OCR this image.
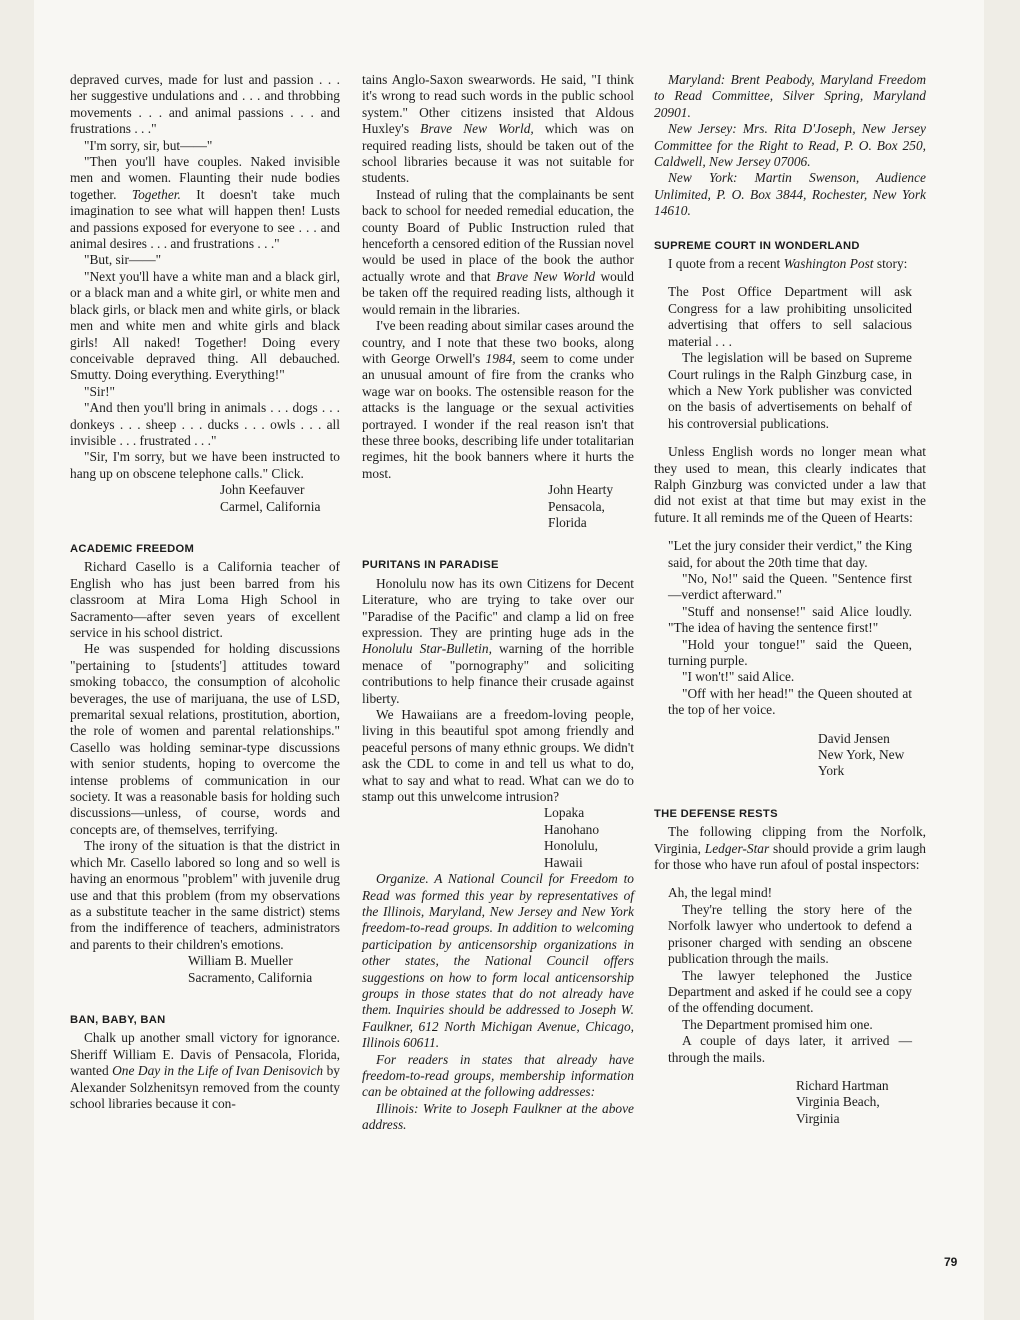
depraved curves, made for lust and passion . . . her suggestive undulations and . . . and throbbing movements . . . and animal passions . . . and frustrations . . ."

"I'm sorry, sir, but——"

"Then you'll have couples. Naked invisible men and women. Flaunting their nude bodies together. Together. It doesn't take much imagination to see what will happen then! Lusts and passions exposed for everyone to see . . . and animal desires . . . and frustrations . . ."

"But, sir——"

"Next you'll have a white man and a black girl, or a black man and a white girl, or white men and black girls, or black men and white girls, or black men and white men and white girls and black girls! All naked! Together! Doing every conceivable depraved thing. All debauched. Smutty. Doing everything. Everything!"

"Sir!"

"And then you'll bring in animals . . . dogs . . . donkeys . . . sheep . . . ducks . . . owls . . . all invisible . . . frustrated . . ."

"Sir, I'm sorry, but we have been instructed to hang up on obscene telephone calls." Click.

John Keefauver
Carmel, California
ACADEMIC FREEDOM

Richard Casello is a California teacher of English who has just been barred from his classroom at Mira Loma High School in Sacramento—after seven years of excellent service in his school district.

He was suspended for holding discussions "pertaining to [students'] attitudes toward smoking tobacco, the consumption of alcoholic beverages, the use of marijuana, the use of LSD, premarital sexual relations, prostitution, abortion, the role of women and parental relationships." Casello was holding seminar-type discussions with senior students, hoping to overcome the intense problems of communication in our society. It was a reasonable basis for holding such discussions—unless, of course, words and concepts are, of themselves, terrifying.

The irony of the situation is that the district in which Mr. Casello labored so long and so well is having an enormous "problem" with juvenile drug use and that this problem (from my observations as a substitute teacher in the same district) stems from the indifference of teachers, administrators and parents to their children's emotions.

William B. Mueller
Sacramento, California
BAN, BABY, BAN

Chalk up another small victory for ignorance. Sheriff William E. Davis of Pensacola, Florida, wanted One Day in the Life of Ivan Denisovich by Alexander Solzhenitsyn removed from the county school libraries because it con-

tains Anglo-Saxon swearwords. He said, "I think it's wrong to read such words in the public school system." Other citizens insisted that Aldous Huxley's Brave New World, which was on required reading lists, should be taken out of the school libraries because it was not suitable for students.

Instead of ruling that the complainants be sent back to school for needed remedial education, the county Board of Public Instruction ruled that henceforth a censored edition of the Russian novel would be used in place of the book the author actually wrote and that Brave New World would be taken off the required reading lists, although it would remain in the libraries.

I've been reading about similar cases around the country, and I note that these two books, along with George Orwell's 1984, seem to come under an unusual amount of fire from the cranks who wage war on books. The ostensible reason for the attacks is the language or the sexual activities portrayed. I wonder if the real reason isn't that these three books, describing life under totalitarian regimes, hit the book banners where it hurts the most.

John Hearty
Pensacola, Florida
PURITANS IN PARADISE

Honolulu now has its own Citizens for Decent Literature, who are trying to take over our "Paradise of the Pacific" and clamp a lid on free expression. They are printing huge ads in the Honolulu Star-Bulletin, warning of the horrible menace of "pornography" and soliciting contributions to help finance their crusade against liberty.

We Hawaiians are a freedom-loving people, living in this beautiful spot among friendly and peaceful persons of many ethnic groups. We didn't ask the CDL to come in and tell us what to do, what to say and what to read. What can we do to stamp out this unwelcome intrusion?

Lopaka Hanohano
Honolulu, Hawaii

Organize. A National Council for Freedom to Read was formed this year by representatives of the Illinois, Maryland, New Jersey and New York freedom-to-read groups. In addition to welcoming participation by anticensorship organizations in other states, the National Council offers suggestions on how to form local anticensorship groups in those states that do not already have them. Inquiries should be addressed to Joseph W. Faulkner, 612 North Michigan Avenue, Chicago, Illinois 60611.

For readers in states that already have freedom-to-read groups, membership information can be obtained at the following addresses:

Illinois: Write to Joseph Faulkner at the above address.

Maryland: Brent Peabody, Maryland Freedom to Read Committee, Silver Spring, Maryland 20901.

New Jersey: Mrs. Rita D'Joseph, New Jersey Committee for the Right to Read, P. O. Box 250, Caldwell, New Jersey 07006.

New York: Martin Swenson, Audience Unlimited, P. O. Box 3844, Rochester, New York 14610.

SUPREME COURT IN WONDERLAND

I quote from a recent Washington Post story:

The Post Office Department will ask Congress for a law prohibiting unsolicited advertising that offers to sell salacious material . . .

The legislation will be based on Supreme Court rulings in the Ralph Ginzburg case, in which a New York publisher was convicted on the basis of advertisements on behalf of his controversial publications.

Unless English words no longer mean what they used to mean, this clearly indicates that Ralph Ginzburg was convicted under a law that did not exist at that time but may exist in the future. It all reminds me of the Queen of Hearts:

"Let the jury consider their verdict," the King said, for about the 20th time that day.

"No, No!" said the Queen. "Sentence first—verdict afterward."

"Stuff and nonsense!" said Alice loudly. "The idea of having the sentence first!"

"Hold your tongue!" said the Queen, turning purple.

"I won't!" said Alice.

"Off with her head!" the Queen shouted at the top of her voice.

David Jensen
New York, New York
THE DEFENSE RESTS

The following clipping from the Norfolk, Virginia, Ledger-Star should provide a grim laugh for those who have run afoul of postal inspectors:

Ah, the legal mind!

They're telling the story here of the Norfolk lawyer who undertook to defend a prisoner charged with sending an obscene publication through the mails.

The lawyer telephoned the Justice Department and asked if he could see a copy of the offending document.

The Department promised him one.

A couple of days later, it arrived —through the mails.

Richard Hartman
Virginia Beach, Virginia
79
